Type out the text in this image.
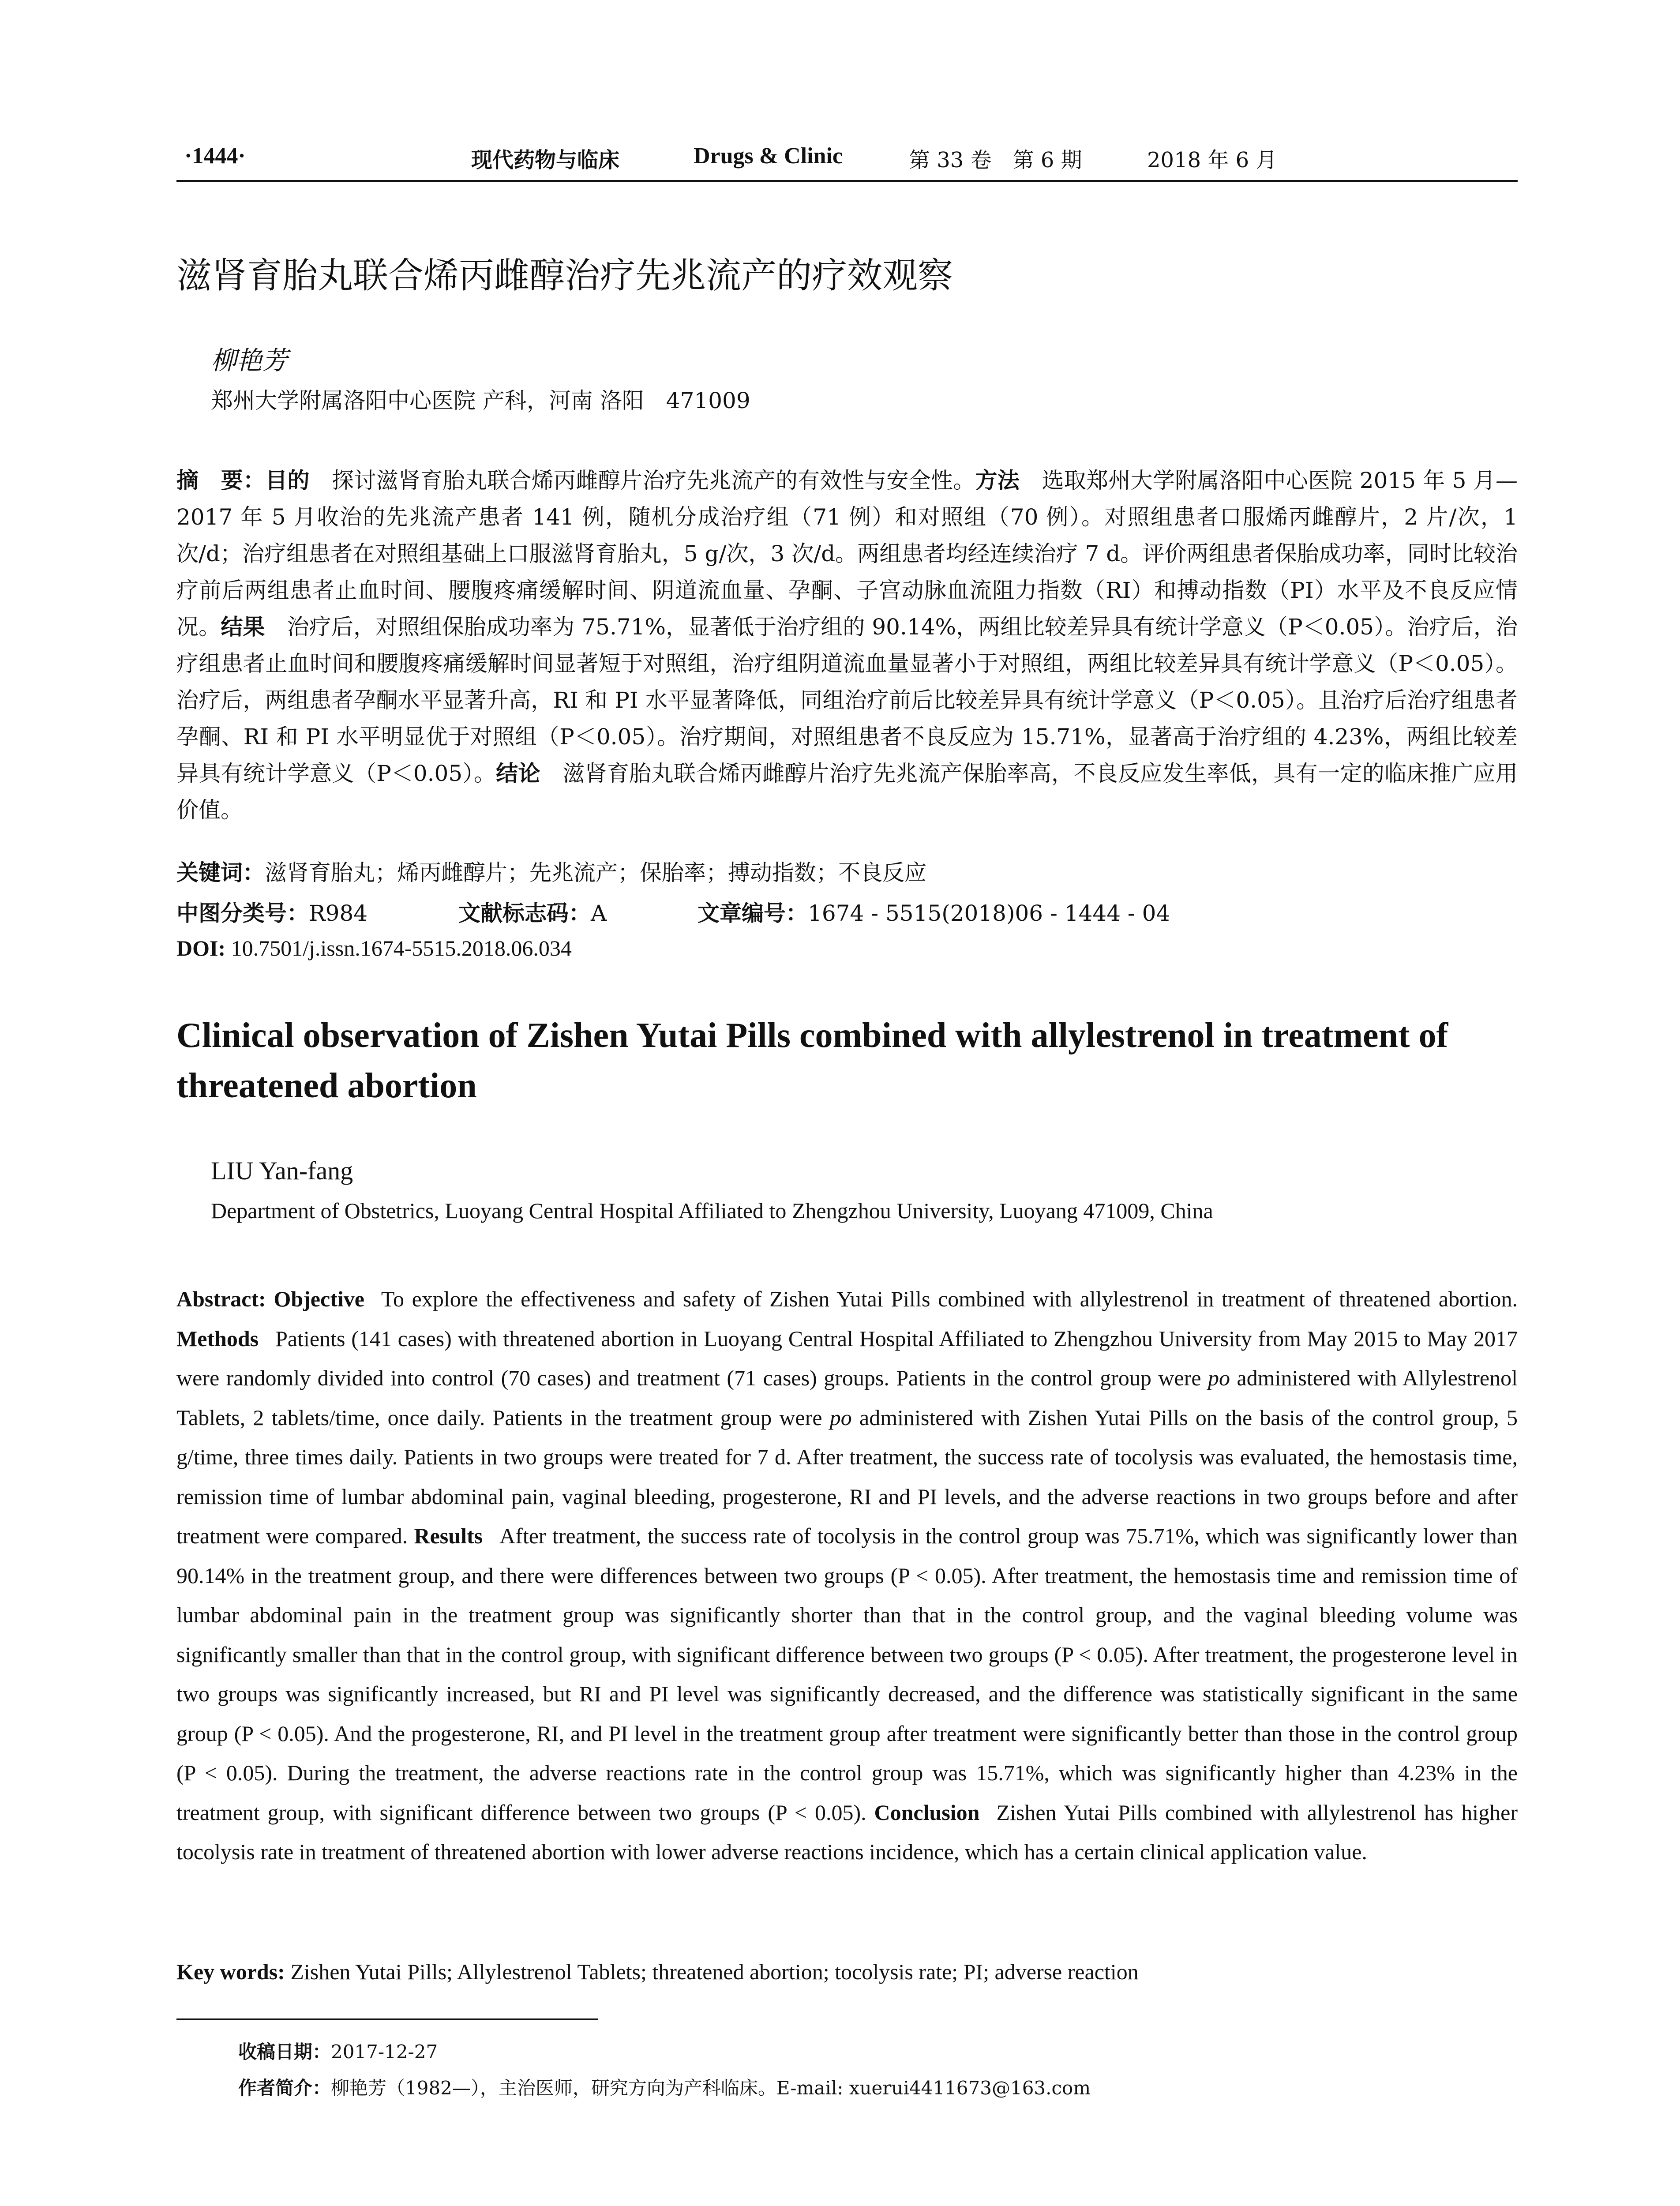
·1444·	现代药物与临床	Drugs & Clinic	第 33 卷　第 6 期	2018 年 6 月
滋肾育胎丸联合烯丙雌醇治疗先兆流产的疗效观察
柳艳芳
郑州大学附属洛阳中心医院 产科，河南 洛阳　471009
摘　要：目的 探讨滋肾育胎丸联合烯丙雌醇片治疗先兆流产的有效性与安全性。方法 选取郑州大学附属洛阳中心医院 2015 年 5 月—2017 年 5 月收治的先兆流产患者 141 例，随机分成治疗组（71 例）和对照组（70 例）。对照组患者口服烯丙雌醇片，2 片/次，1 次/d；治疗组患者在对照组基础上口服滋肾育胎丸，5 g/次，3 次/d。两组患者均经连续治疗 7 d。评价两组患者保胎成功率，同时比较治疗前后两组患者止血时间、腰腹疼痛缓解时间、阴道流血量、孕酮、子宫动脉血流阻力指数（RI）和搏动指数（PI）水平及不良反应情况。结果 治疗后，对照组保胎成功率为 75.71%，显著低于治疗组的 90.14%，两组比较差异具有统计学意义（P＜0.05）。治疗后，治疗组患者止血时间和腰腹疼痛缓解时间显著短于对照组，治疗组阴道流血量显著小于对照组，两组比较差异具有统计学意义（P＜0.05）。治疗后，两组患者孕酮水平显著升高，RI 和 PI 水平显著降低，同组治疗前后比较差异具有统计学意义（P＜0.05）。且治疗后治疗组患者孕酮、RI 和 PI 水平明显优于对照组（P＜0.05）。治疗期间，对照组患者不良反应为 15.71%，显著高于治疗组的 4.23%，两组比较差异具有统计学意义（P＜0.05）。结论 滋肾育胎丸联合烯丙雌醇片治疗先兆流产保胎率高，不良反应发生率低，具有一定的临床推广应用价值。
关键词：滋肾育胎丸；烯丙雌醇片；先兆流产；保胎率；搏动指数；不良反应
中图分类号：R984	文献标志码：A	文章编号：1674 - 5515(2018)06 - 1444 - 04
DOI: 10.7501/j.issn.1674-5515.2018.06.034
Clinical observation of Zishen Yutai Pills combined with allylestrenol in treatment of threatened abortion
LIU Yan-fang
Department of Obstetrics, Luoyang Central Hospital Affiliated to Zhengzhou University, Luoyang 471009, China
Abstract: Objective To explore the effectiveness and safety of Zishen Yutai Pills combined with allylestrenol in treatment of threatened abortion. Methods Patients (141 cases) with threatened abortion in Luoyang Central Hospital Affiliated to Zhengzhou University from May 2015 to May 2017 were randomly divided into control (70 cases) and treatment (71 cases) groups. Patients in the control group were po administered with Allylestrenol Tablets, 2 tablets/time, once daily. Patients in the treatment group were po administered with Zishen Yutai Pills on the basis of the control group, 5 g/time, three times daily. Patients in two groups were treated for 7 d. After treatment, the success rate of tocolysis was evaluated, the hemostasis time, remission time of lumbar abdominal pain, vaginal bleeding, progesterone, RI and PI levels, and the adverse reactions in two groups before and after treatment were compared. Results After treatment, the success rate of tocolysis in the control group was 75.71%, which was significantly lower than 90.14% in the treatment group, and there were differences between two groups (P < 0.05). After treatment, the hemostasis time and remission time of lumbar abdominal pain in the treatment group was significantly shorter than that in the control group, and the vaginal bleeding volume was significantly smaller than that in the control group, with significant difference between two groups (P < 0.05). After treatment, the progesterone level in two groups was significantly increased, but RI and PI level was significantly decreased, and the difference was statistically significant in the same group (P < 0.05). And the progesterone, RI, and PI level in the treatment group after treatment were significantly better than those in the control group (P < 0.05). During the treatment, the adverse reactions rate in the control group was 15.71%, which was significantly higher than 4.23% in the treatment group, with significant difference between two groups (P < 0.05). Conclusion Zishen Yutai Pills combined with allylestrenol has higher tocolysis rate in treatment of threatened abortion with lower adverse reactions incidence, which has a certain clinical application value.
Key words: Zishen Yutai Pills; Allylestrenol Tablets; threatened abortion; tocolysis rate; PI; adverse reaction
收稿日期：2017-12-27
作者简介：柳艳芳（1982—），主治医师，研究方向为产科临床。E-mail: xuerui4411673@163.com
